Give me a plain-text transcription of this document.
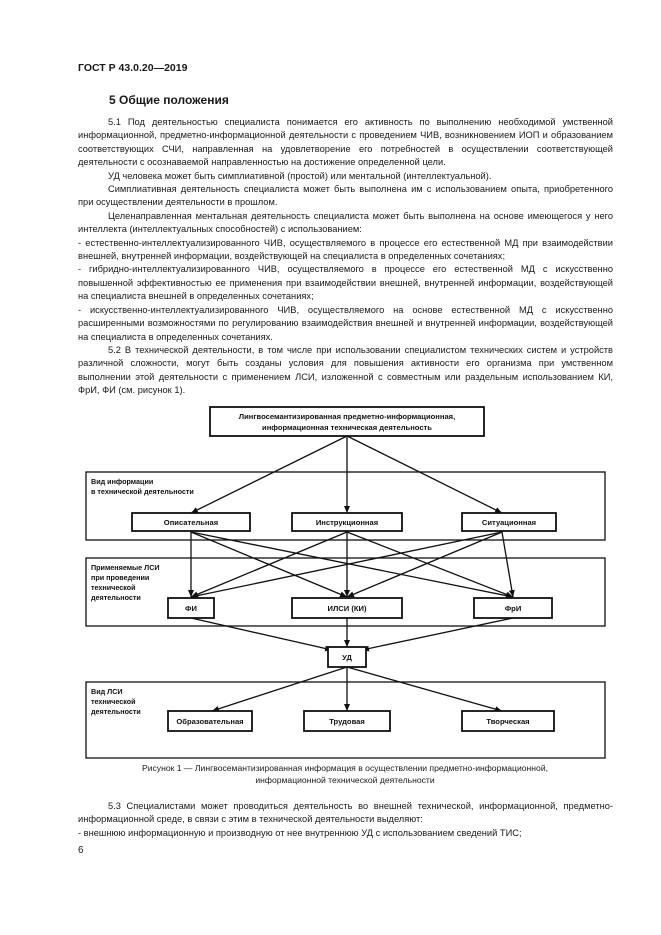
ГОСТ Р 43.0.20—2019
5 Общие положения

5.1 Под деятельностью специалиста понимается его активность по выполнению необходимой умственной информационной, предметно-информационной деятельности с проведением ЧИВ, возникновением ИОП и образованием соответствующих СЧИ, направленная на удовлетворение его потребностей в осуществлении соответствующей деятельности с осознаваемой направленностью на достижение определенной цели.

УД человека может быть симплиативной (простой) или ментальной (интеллектуальной).

Симплиативная деятельность специалиста может быть выполнена им с использованием опыта, приобретенного при осуществлении деятельности в прошлом.

Целенаправленная ментальная деятельность специалиста может быть выполнена на основе имеющегося у него интеллекта (интеллектуальных способностей) с использованием:

- естественно-интеллектуализированного ЧИВ, осуществляемого в процессе его естественной МД при взаимодействии внешней, внутренней информации, воздействующей на специалиста в определенных сочетаниях;

- гибридно-интеллектуализированного ЧИВ, осуществляемого в процессе его естественной МД с искусственно повышенной эффективностью ее применения при взаимодействии внешней, внутренней информации, воздействующей на специалиста внешней в определенных сочетаниях;

- искусственно-интеллектуализированного ЧИВ, осуществляемого на основе естественной МД с искусственно расширенными возможностями по регулированию взаимодействия внешней и внутренней информации, воздействующей на специалиста в определенных сочетаниях.

5.2 В технической деятельности, в том числе при использовании специалистом технических систем и устройств различной сложности, могут быть созданы условия для повышения активности его организма при умственном выполнении этой деятельности с применением ЛСИ, изложенной с совместным или раздельным использованием КИ, ФрИ, ФИ (см. рисунок 1).

Лингвосемантизированная предметно-информационная,
информационная техническая деятельность
Вид информации
в технической деятельности
Описательная	Инструкционная	Ситуационная
Применяемые ЛСИ
при проведении
технической
деятельности
ФИ	ИЛСИ (КИ)	ФрИ
УД
Вид ЛСИ
технической
деятельности
Образовательная	Трудовая	Творческая
Рисунок 1 — Лингвосемантизированная информация в осуществлении предметно-информационной,
информационной технической деятельности

5.3 Специалистами может проводиться деятельность во внешней технической, информационной, предметно-информационной среде, в связи с этим в технической деятельности выделяют:

- внешнюю информационную и производную от нее внутреннюю УД с использованием сведений ТИС;

6
